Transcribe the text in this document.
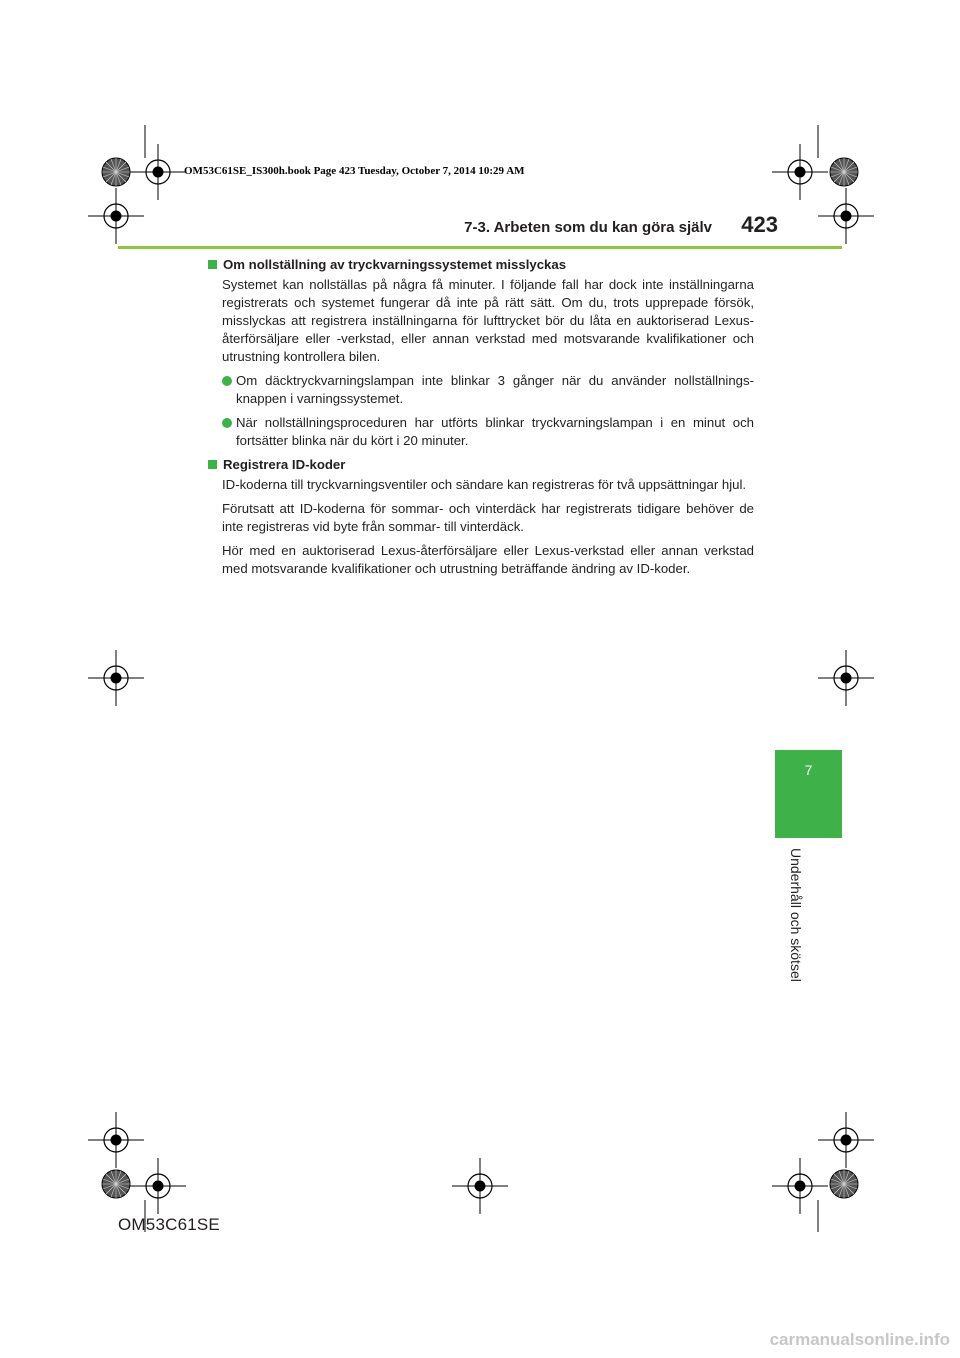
OM53C61SE_IS300h.book Page 423 Tuesday, October 7, 2014 10:29 AM
7-3. Arbeten som du kan göra själv 423
7
Underhåll och skötsel
Om nollställning av tryckvarningssystemet misslyckas

Systemet kan nollställas på några få minuter. I följande fall har dock inte inställningarna registrerats och systemet fungerar då inte på rätt sätt. Om du, trots upprepade försök, misslyckas att registrera inställningarna för lufttrycket bör du låta en auktoriserad Lexus-återförsäljare eller -verkstad, eller annan verkstad med motsvarande kvalifikationer och utrustning kontrollera bilen.

Om däcktryckvarningslampan inte blinkar 3 gånger när du använder nollställnings-knappen i varningssystemet.
När nollställningsproceduren har utförts blinkar tryckvarningslampan i en minut och fortsätter blinka när du kört i 20 minuter.
Registrera ID-koder

ID-koderna till tryckvarningsventiler och sändare kan registreras för två uppsättningar hjul.

Förutsatt att ID-koderna för sommar- och vinterdäck har registrerats tidigare behöver de inte registreras vid byte från sommar- till vinterdäck.

Hör med en auktoriserad Lexus-återförsäljare eller Lexus-verkstad eller annan verkstad med motsvarande kvalifikationer och utrustning beträffande ändring av ID-koder.

OM53C61SE
carmanualsonline.info
